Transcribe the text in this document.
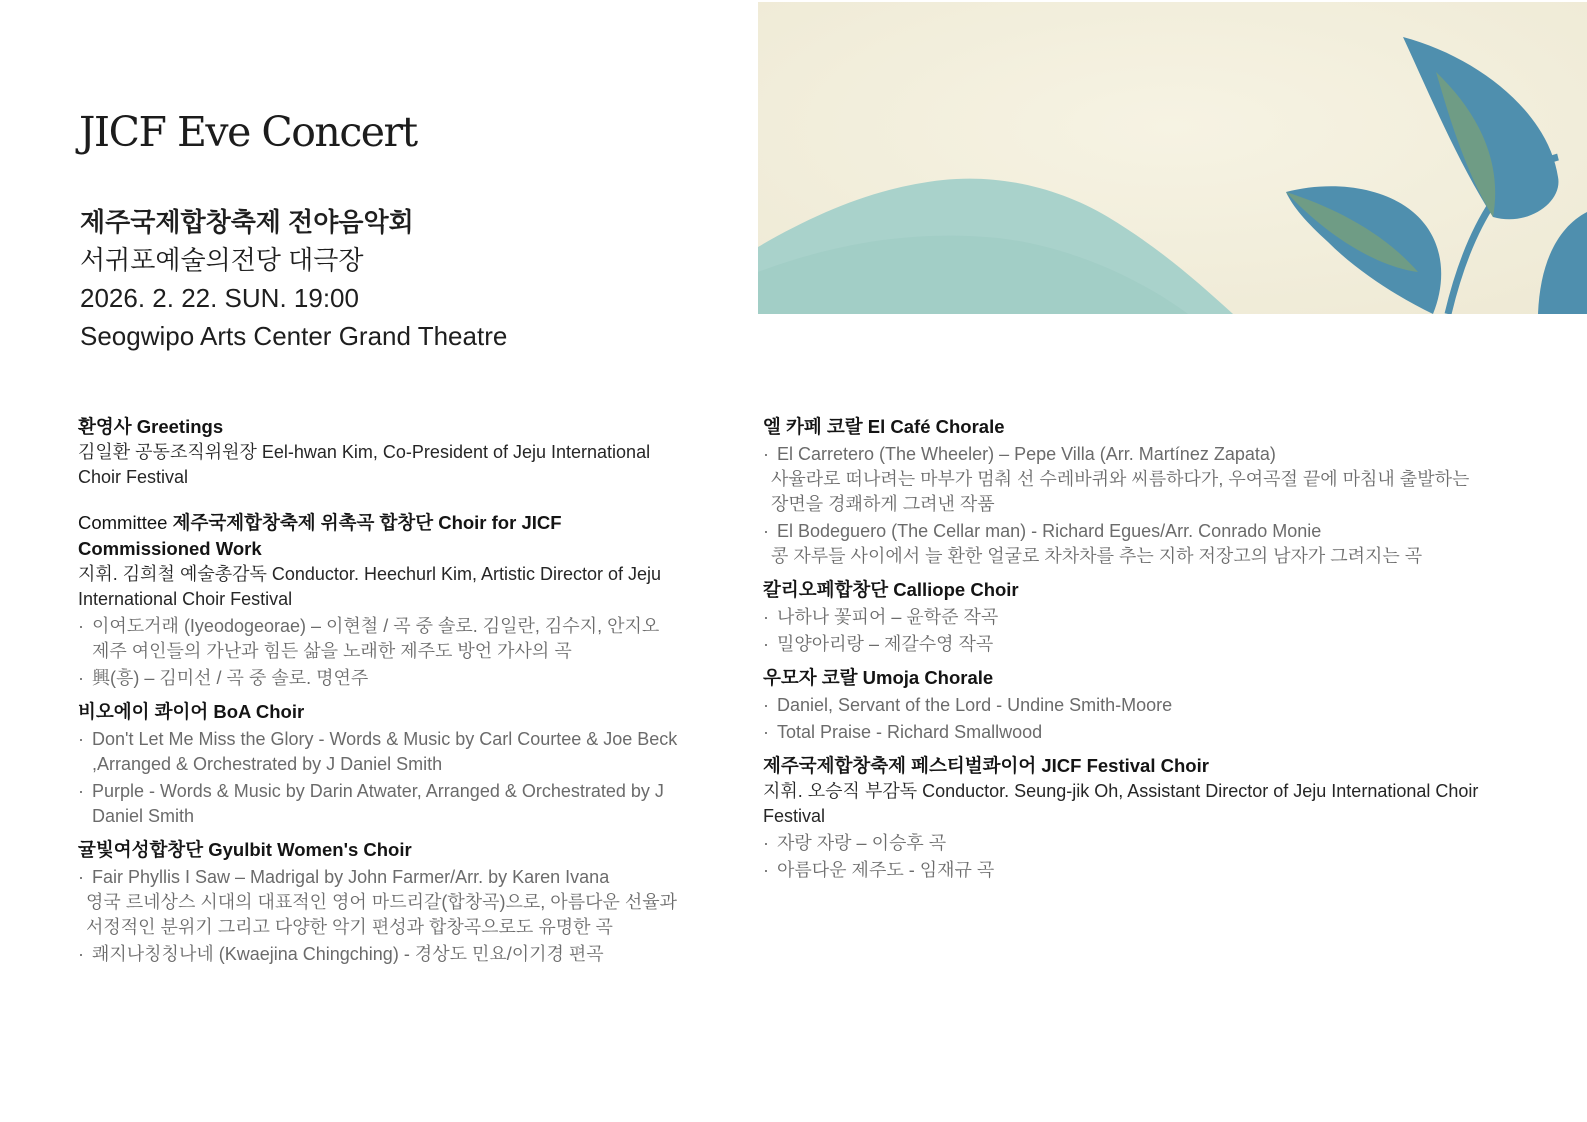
JICF Eve Concert
제주국제합창축제 전야음악회
서귀포예술의전당 대극장
2026. 2. 22. SUN. 19:00
Seogwipo Arts Center Grand Theatre
환영사 Greetings
김일환 공동조직위원장 Eel-hwan Kim, Co-President of Jeju International Choir Festival
Committee 제주국제합창축제 위촉곡 합창단 Choir for JICF Commissioned Work
지휘. 김희철 예술총감독 Conductor. Heechurl Kim, Artistic Director of Jeju International Choir Festival
· 이여도거래 (Iyeodogeorae) – 이현철 / 곡 중 솔로. 김일란, 김수지, 안지오 제주 여인들의 가난과 힘든 삶을 노래한 제주도 방언 가사의 곡
· 興(흥) – 김미선 / 곡 중 솔로. 명연주
비오에이 콰이어 BoA Choir
· Don't Let Me Miss the Glory - Words & Music by Carl Courtee & Joe Beck ,Arranged & Orchestrated by J Daniel Smith
· Purple - Words & Music by Darin Atwater, Arranged & Orchestrated by J Daniel Smith
귤빛여성합창단 Gyulbit Women's Choir
· Fair Phyllis I Saw – Madrigal by John Farmer/Arr. by Karen Ivana
영국 르네상스 시대의 대표적인 영어 마드리갈(합창곡)으로, 아름다운 선율과 서정적인 분위기 그리고 다양한 악기 편성과 합창곡으로도 유명한 곡
· 쾌지나칭칭나네 (Kwaejina Chingching) - 경상도 민요/이기경 편곡
엘 카페 코랄 El Café Chorale
· El Carretero (The Wheeler) – Pepe Villa (Arr. Martínez Zapata)
사율라로 떠나려는 마부가 멈춰 선 수레바퀴와 씨름하다가, 우여곡절 끝에 마침내 출발하는 장면을 경쾌하게 그려낸 작품
· El Bodeguero (The Cellar man) - Richard Egues/Arr. Conrado Monie
콩 자루들 사이에서 늘 환한 얼굴로 차차차를 추는 지하 저장고의 남자가 그려지는 곡
칼리오페합창단 Calliope Choir
· 나하나 꽃피어 – 윤학준 작곡
· 밀양아리랑 – 제갈수영 작곡
우모자 코랄 Umoja Chorale
· Daniel, Servant of the Lord - Undine Smith-Moore
· Total Praise - Richard Smallwood
제주국제합창축제 페스티벌콰이어 JICF Festival Choir
지휘. 오승직 부감독 Conductor. Seung-jik Oh, Assistant Director of Jeju International Choir Festival
· 자랑 자랑 – 이승후 곡
· 아름다운 제주도 - 임재규 곡
